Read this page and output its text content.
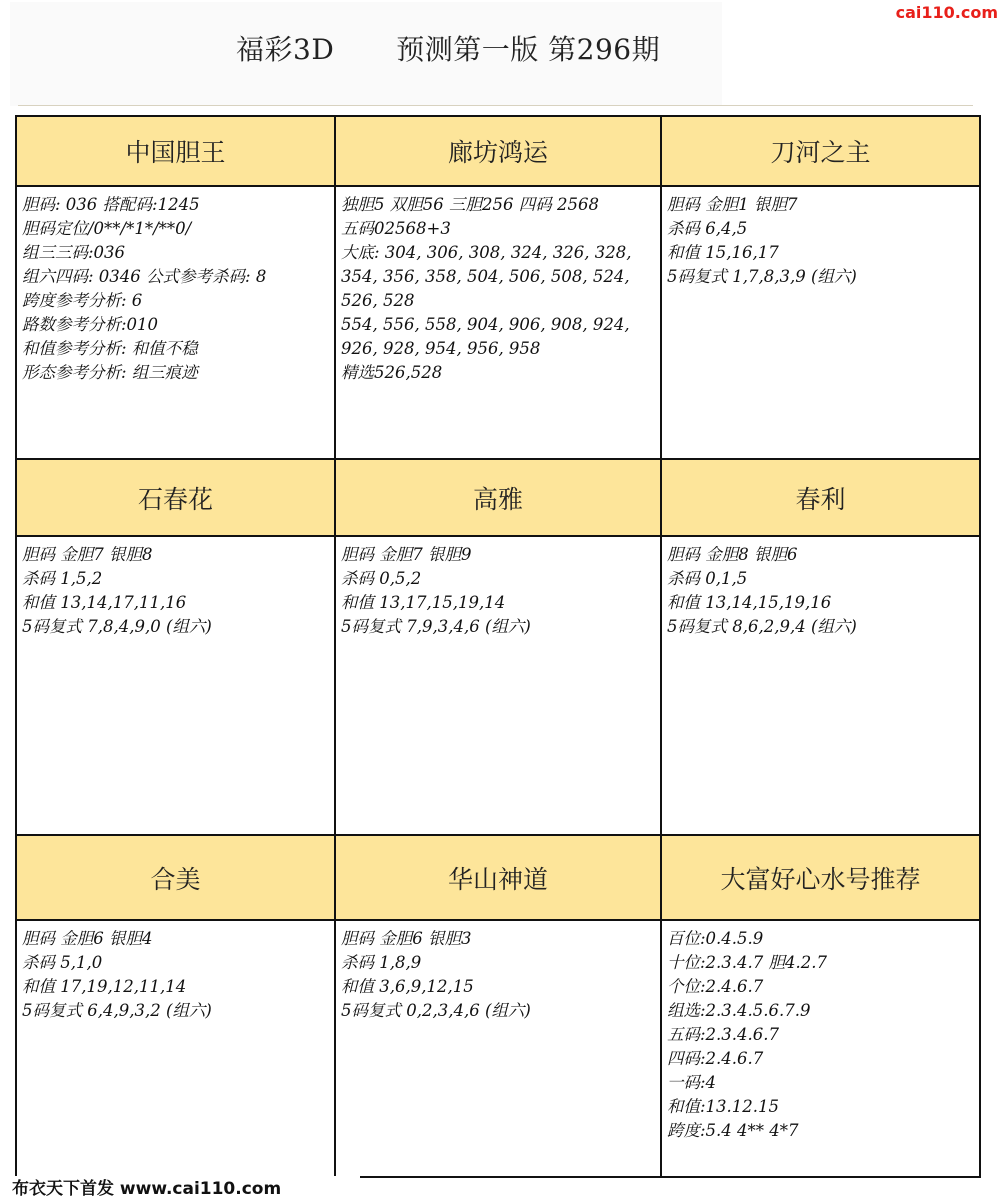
福彩3D 预测第一版 第296期
cai110.com
中国胆王
胆码: 036 搭配码:1245
胆码定位/0**/*1*/**0/
组三三码:036
组六四码: 0346 公式参考杀码: 8
跨度参考分析: 6
路数参考分析:010
和值参考分析: 和值不稳
形态参考分析: 组三痕迹
廊坊鸿运
独胆5 双胆56 三胆256 四码 2568
五码02568+3
大底: 304, 306, 308, 324, 326, 328, 354, 356, 358, 504, 506, 508, 524, 526, 528
554, 556, 558, 904, 906, 908, 924, 926, 928, 954, 956, 958
精选526,528
刀河之主
胆码 金胆1 银胆7
杀码 6,4,5
和值 15,16,17
5码复式 1,7,8,3,9 (组六)
石春花
胆码 金胆7 银胆8
杀码 1,5,2
和值 13,14,17,11,16
5码复式 7,8,4,9,0 (组六)
高雅
胆码 金胆7 银胆9
杀码 0,5,2
和值 13,17,15,19,14
5码复式 7,9,3,4,6 (组六)
春利
胆码 金胆8 银胆6
杀码 0,1,5
和值 13,14,15,19,16
5码复式 8,6,2,9,4 (组六)
合美
胆码 金胆6 银胆4
杀码 5,1,0
和值 17,19,12,11,14
5码复式 6,4,9,3,2 (组六)
华山神道
胆码 金胆6 银胆3
杀码 1,8,9
和值 3,6,9,12,15
5码复式 0,2,3,4,6 (组六)
大富好心水号推荐
百位:0.4.5.9
十位:2.3.4.7 胆4.2.7
个位:2.4.6.7
组选:2.3.4.5.6.7.9
五码:2.3.4.6.7
四码:2.4.6.7
一码:4
和值:13.12.15
跨度:5.4 4** 4*7
布衣天下首发 www.cai110.com
